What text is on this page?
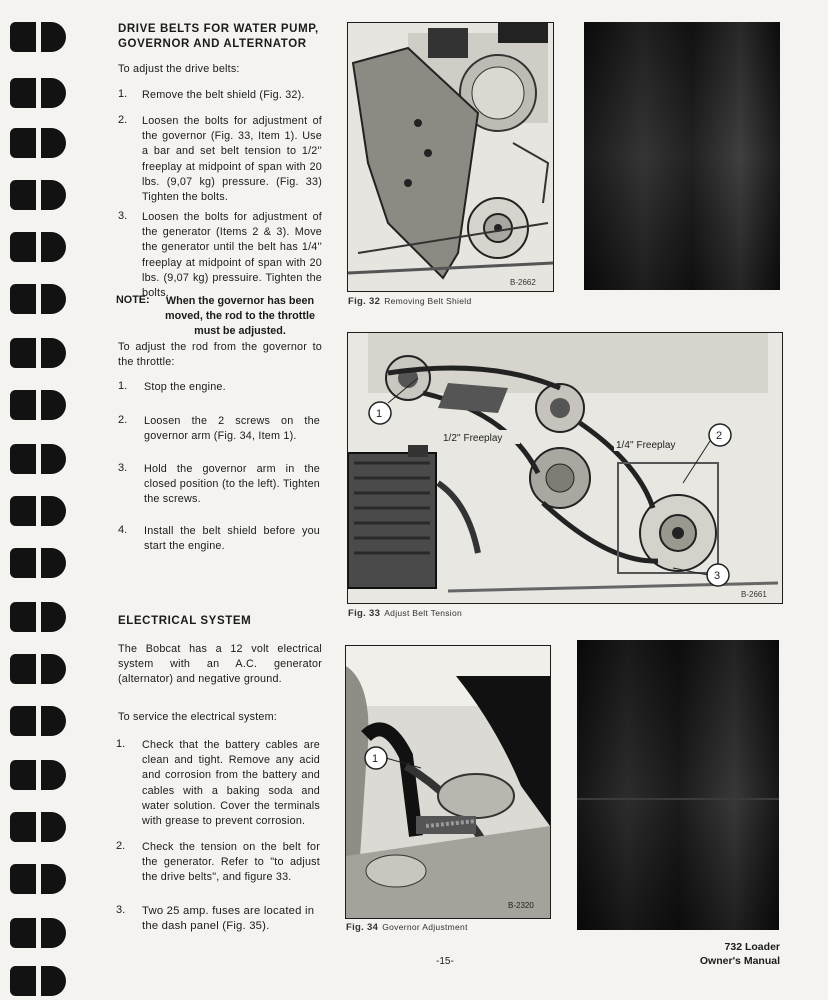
DRIVE BELTS FOR WATER PUMP,
GOVERNOR AND ALTERNATOR
To adjust the drive belts:
1. Remove the belt shield (Fig. 32).
2. Loosen the bolts for adjustment of the governor (Fig. 33, Item 1). Use a bar and set belt tension to 1/2'' freeplay at midpoint of span with 20 lbs. (9,07 kg) pressure. (Fig. 33) Tighten the bolts.
3. Loosen the bolts for adjustment of the generator (Items 2 & 3). Move the generator until the belt has 1/4'' freeplay at midpoint of span with 20 lbs. (9,07 kg) pressuire. Tighten the bolts.
NOTE:	When the governor has been moved, the rod to the throttle must be adjusted.
To adjust the rod from the governor to the throttle:
1. Stop the engine.
2. Loosen the 2 screws on the governor arm (Fig. 34, Item 1).
3. Hold the governor arm in the closed position (to the left). Tighten the screws.
4. Install the belt shield before you start the engine.
ELECTRICAL SYSTEM
The Bobcat has a 12 volt electrical system with an A.C. generator (alternator) and negative ground.
To service the electrical system:
1. Check that the battery cables are clean and tight. Remove any acid and corrosion from the battery and cables with a baking soda and water solution. Cover the terminals with grease to prevent corrosion.
2. Check the tension on the belt for the generator. Refer to "to adjust the drive belts", and figure 33.
3. Two 25 amp. fuses are located in the dash panel (Fig. 35).
B-2662
Fig. 32 Removing Belt Shield
1
2
3
1/2'' Freeplay
1/4'' Freeplay
B-2661
Fig. 33 Adjust Belt Tension
1
B-2320
Fig. 34 Governor Adjustment
-15-
732 Loader
Owner's Manual
